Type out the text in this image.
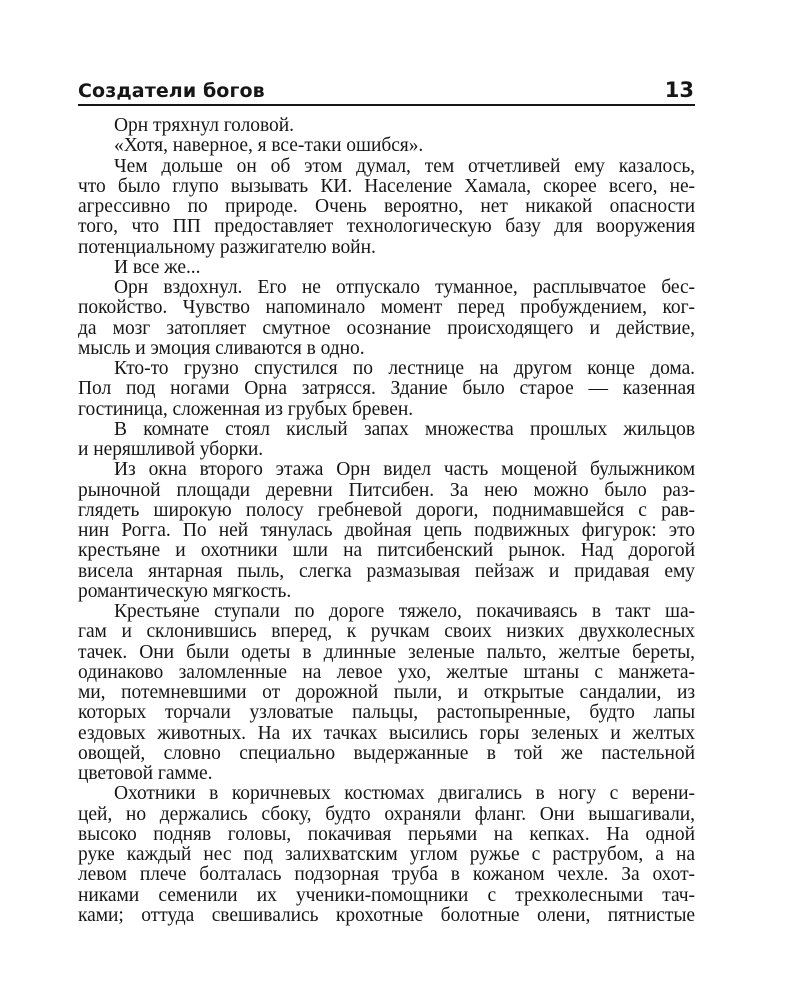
Создатели богов	13
Орн тряхнул головой.
«Хотя, наверное, я все-таки ошибся».
Чем дольше он об этом думал, тем отчетливей ему казалось,
что было глупо вызывать КИ. Население Хамала, скорее всего, не-
агрессивно по природе. Очень вероятно, нет никакой опасности
того, что ПП предоставляет технологическую базу для вооружения
потенциальному разжигателю войн.
И все же...
Орн вздохнул. Его не отпускало туманное, расплывчатое бес-
покойство. Чувство напоминало момент перед пробуждением, ког-
да мозг затопляет смутное осознание происходящего и действие,
мысль и эмоция сливаются в одно.
Кто-то грузно спустился по лестнице на другом конце дома.
Пол под ногами Орна затрясся. Здание было старое — казенная
гостиница, сложенная из грубых бревен.
В комнате стоял кислый запах множества прошлых жильцов
и неряшливой уборки.
Из окна второго этажа Орн видел часть мощеной булыжником
рыночной площади деревни Питсибен. За нею можно было раз-
глядеть широкую полосу гребневой дороги, поднимавшейся с рав-
нин Рогга. По ней тянулась двойная цепь подвижных фигурок: это
крестьяне и охотники шли на питсибенский рынок. Над дорогой
висела янтарная пыль, слегка размазывая пейзаж и придавая ему
романтическую мягкость.
Крестьяне ступали по дороге тяжело, покачиваясь в такт ша-
гам и склонившись вперед, к ручкам своих низких двухколесных
тачек. Они были одеты в длинные зеленые пальто, желтые береты,
одинаково заломленные на левое ухо, желтые штаны с манжета-
ми, потемневшими от дорожной пыли, и открытые сандалии, из
которых торчали узловатые пальцы, растопыренные, будто лапы
ездовых животных. На их тачках высились горы зеленых и желтых
овощей, словно специально выдержанные в той же пастельной
цветовой гамме.
Охотники в коричневых костюмах двигались в ногу с верени-
цей, но держались сбоку, будто охраняли фланг. Они вышагивали,
высоко подняв головы, покачивая перьями на кепках. На одной
руке каждый нес под залихватским углом ружье с раструбом, а на
левом плече болталась подзорная труба в кожаном чехле. За охот-
никами семенили их ученики-помощники с трехколесными тач-
ками; оттуда свешивались крохотные болотные олени, пятнистые
